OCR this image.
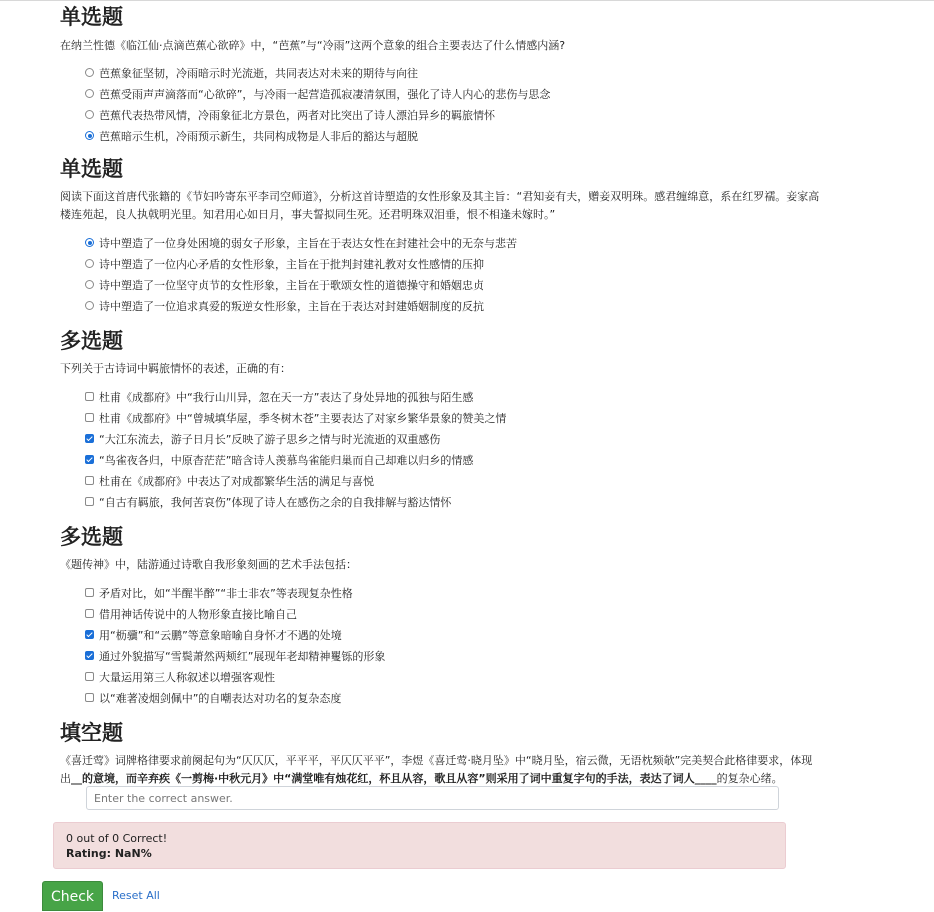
单选题
在纳兰性德《临江仙·点滴芭蕉心欲碎》中，“芭蕉”与“冷雨”这两个意象的组合主要表达了什么情感内涵?
芭蕉象征坚韧，冷雨暗示时光流逝，共同表达对未来的期待与向往
芭蕉受雨声声滴落而“心欲碎”，与冷雨一起营造孤寂凄清氛围，强化了诗人内心的悲伤与思念
芭蕉代表热带风情，冷雨象征北方景色，两者对比突出了诗人漂泊异乡的羁旅情怀
芭蕉暗示生机，冷雨预示新生，共同构成物是人非后的豁达与超脱
单选题
阅读下面这首唐代张籍的《节妇吟寄东平李司空师道》，分析这首诗塑造的女性形象及其主旨：“君知妾有夫，赠妾双明珠。感君缠绵意，系在红罗襦。妾家高楼连苑起，良人执戟明光里。知君用心如日月，事夫誓拟同生死。还君明珠双泪垂，恨不相逢未嫁时。”
诗中塑造了一位身处困境的弱女子形象，主旨在于表达女性在封建社会中的无奈与悲苦
诗中塑造了一位内心矛盾的女性形象，主旨在于批判封建礼教对女性感情的压抑
诗中塑造了一位坚守贞节的女性形象，主旨在于歌颂女性的道德操守和婚姻忠贞
诗中塑造了一位追求真爱的叛逆女性形象，主旨在于表达对封建婚姻制度的反抗
多选题
下列关于古诗词中羁旅情怀的表述，正确的有：
杜甫《成都府》中“我行山川异，忽在天一方”表达了身处异地的孤独与陌生感
杜甫《成都府》中“曾城填华屋，季冬树木苍”主要表达了对家乡繁华景象的赞美之情
“大江东流去，游子日月长”反映了游子思乡之情与时光流逝的双重感伤
“鸟雀夜各归，中原杳茫茫”暗含诗人羡慕鸟雀能归巢而自己却难以归乡的情感
杜甫在《成都府》中表达了对成都繁华生活的满足与喜悦
“自古有羁旅，我何苦哀伤”体现了诗人在感伤之余的自我排解与豁达情怀
多选题
《题传神》中，陆游通过诗歌自我形象刻画的艺术手法包括：
矛盾对比，如“半醒半醉”“非士非农”等表现复杂性格
借用神话传说中的人物形象直接比喻自己
用“枥骥”和“云鹏”等意象暗喻自身怀才不遇的处境
通过外貌描写“雪鬓萧然两颊红”展现年老却精神矍铄的形象
大量运用第三人称叙述以增强客观性
以“难著凌烟剑佩中”的自嘲表达对功名的复杂态度
填空题
《喜迁莺》词牌格律要求前阕起句为“仄仄仄，平平平，平仄仄平平”，李煜《喜迁莺·晓月坠》中“晓月坠，宿云微，无语枕频欹”完美契合此格律要求，体现出__的意境，而辛弃疾《一剪梅·中秋元月》中“满堂唯有烛花红，杯且从容，歌且从容”则采用了词中重复字句的手法，表达了词人____的复杂心绪。
Enter the correct answer.
0 out of 0 Correct!
Rating: NaN%
Check	Reset All
